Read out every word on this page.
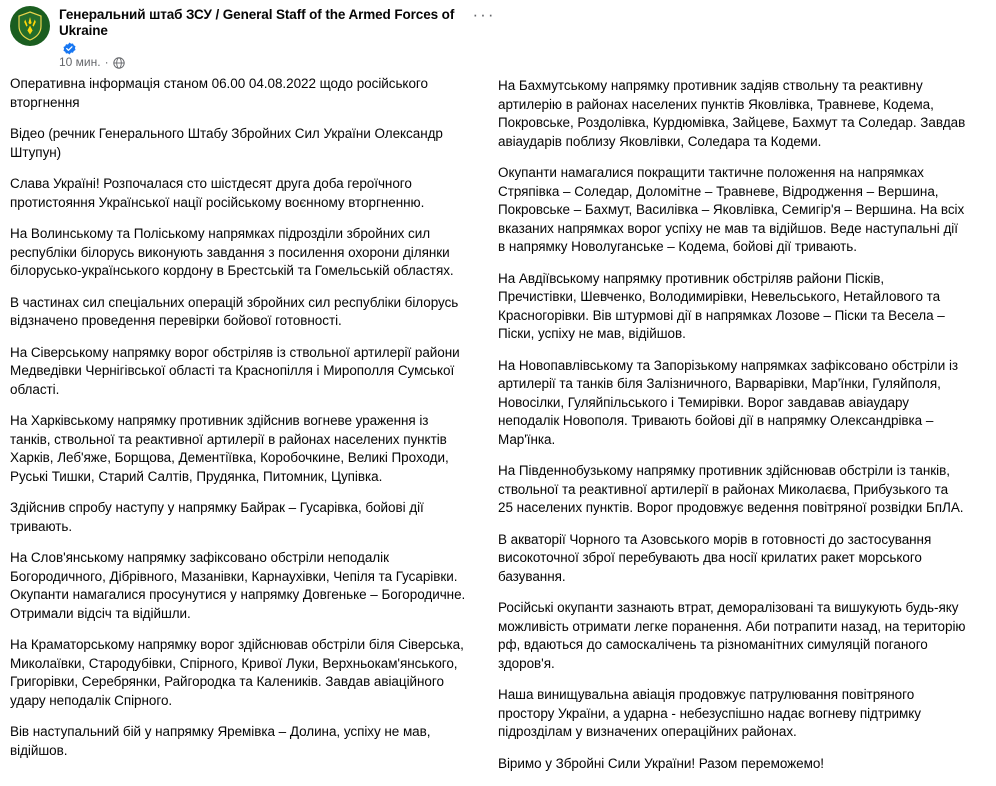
Генеральний штаб ЗСУ / General Staff of the Armed Forces of Ukraine
10 мин. ·
···

Оперативна інформація станом 06.00 04.08.2022 щодо російського вторгнення

Відео (речник Генерального Штабу Збройних Сил України Олександр Штупун)

Слава Україні! Розпочалася сто шістдесят друга доба героїчного протистояння Української нації російському воєнному вторгненню.

На Волинському та Поліському напрямках підрозділи збройних сил республіки білорусь виконують завдання з посилення охорони ділянки білорусько-українського кордону в Брестській та Гомельській областях.

В частинах сил спеціальних операцій збройних сил республіки білорусь відзначено проведення перевірки бойової готовності.

На Сіверському напрямку ворог обстріляв із ствольної артилерії райони Медведівки Чернігівської області та Краснопілля і Мирополля Сумської області.

На Харківському напрямку противник здійснив вогневе ураження із танків, ствольної та реактивної артилерії в районах населених пунктів Харків, Леб'яже, Борщова, Дементіївка, Коробочкине, Великі Проходи, Руські Тишки, Старий Салтів, Прудянка, Питомник, Цупівка.

Здійснив спробу наступу у напрямку Байрак – Гусарівка, бойові дії тривають.

На Слов'янському напрямку зафіксовано обстріли неподалік Богородичного, Дібрівного, Мазанівки, Карнаухівки, Чепіля та Гусарівки. Окупанти намагалися просунутися у напрямку Довгеньке – Богородичне. Отримали відсіч та відійшли.

На Краматорському напрямку ворог здійснював обстріли біля Сіверська, Миколаївки, Стародубівки, Спірного, Кривої Луки, Верхньокам'янського, Григорівки, Серебрянки, Райгородка та Калеників. Завдав авіаційного удару неподалік Спірного.

Вів наступальний бій у напрямку Яремівка – Долина, успіху не мав, відійшов.

На Бахмутському напрямку противник задіяв ствольну та реактивну артилерію в районах населених пунктів Яковлівка, Травневе, Кодема, Покровське, Роздолівка, Курдюмівка, Зайцеве, Бахмут та Соледар. Завдав авіаударів поблизу Яковлівки, Соледара та Кодеми.

Окупанти намагалися покращити тактичне положення на напрямках Стряпівка – Соледар, Доломітне – Травневе, Відродження – Вершина, Покровське – Бахмут, Василівка – Яковлівка, Семигір'я – Вершина. На всіх вказаних напрямках ворог успіху не мав та відійшов. Веде наступальні дії в напрямку Новолуганське – Кодема, бойові дії тривають.

На Авдіївському напрямку противник обстріляв райони Пісків, Пречистівки, Шевченко, Володимирівки, Невельського, Нетайлового та Красногорівки. Вів штурмові дії в напрямках Лозове – Піски та Весела – Піски, успіху не мав, відійшов.

На Новопавлівському та Запорізькому напрямках зафіксовано обстріли із артилерії та танків біля Залізничного, Варварівки, Мар'їнки, Гуляйполя, Новосілки, Гуляйпільського і Темирівки. Ворог завдавав авіаудару неподалік Новополя. Тривають бойові дії в напрямку Олександрівка – Мар'їнка.

На Південнобузькому напрямку противник здійснював обстріли із танків, ствольної та реактивної артилерії в районах Миколаєва, Прибузького та 25 населених пунктів. Ворог продовжує ведення повітряної розвідки БпЛА.

В акваторії Чорного та Азовського морів в готовності до застосування високоточної зброї перебувають два носії крилатих ракет морського базування.

Російські окупанти зазнають втрат, деморалізовані та вишукують будь-яку можливість отримати легке поранення. Аби потрапити назад, на територію рф, вдаються до самоскалічень та різноманітних симуляцій поганого здоров'я.

Наша винищувальна авіація продовжує патрулювання повітряного простору України, а ударна - небезуспішно надає вогневу підтримку підрозділам у визначених операційних районах.

Віримо у Збройні Сили України! Разом переможемо!
